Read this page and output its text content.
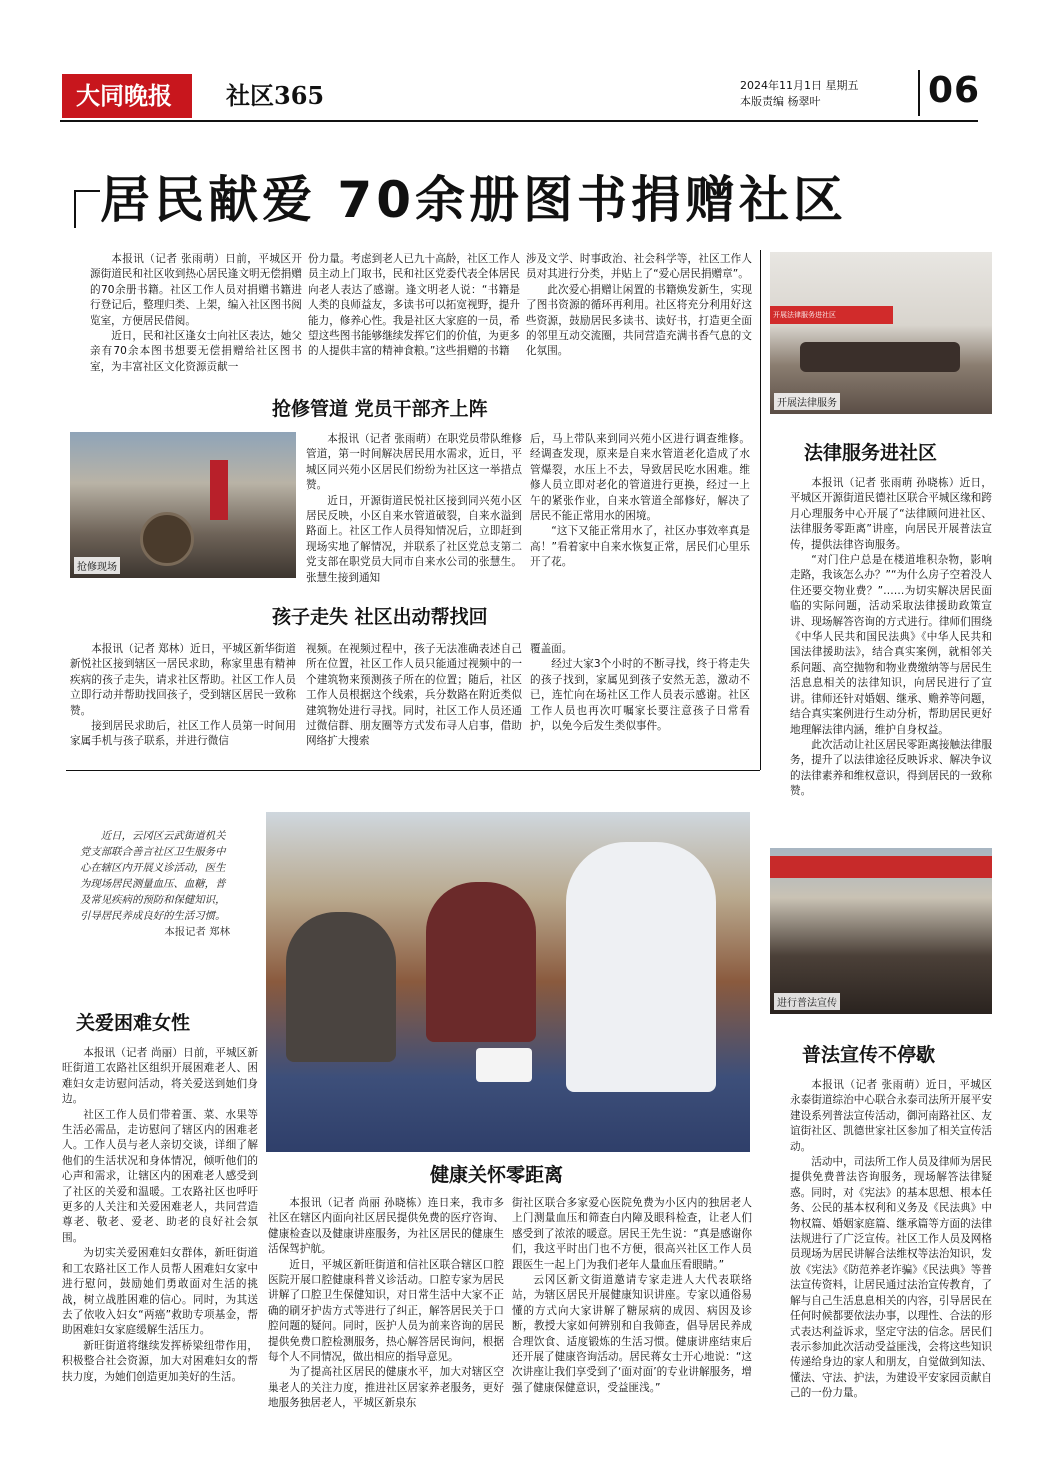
大同晚报	社区365	2024年11月1日 星期五
本版责编 杨翠叶	06
居民献爱 70余册图书捐赠社区

本报讯（记者 张雨萌）日前，平城区开源街道民和社区收到热心居民逢文明无偿捐赠的70余册书籍。社区工作人员对捐赠书籍进行登记后，整理归类、上架，编入社区图书阅览室，方便居民借阅。

近日，民和社区逢女士向社区表达，她父亲有70余本图书想要无偿捐赠给社区图书室，为丰富社区文化资源贡献一

份力量。考虑到老人已九十高龄，社区工作人员主动上门取书，民和社区党委代表全体居民向老人表达了感谢。逢文明老人说：“书籍是人类的良师益友，多读书可以拓宽视野，提升能力，修养心性。我是社区大家庭的一员，希望这些图书能够继续发挥它们的价值，为更多的人提供丰富的精神食粮。”这些捐赠的书籍

涉及文学、时事政治、社会科学等，社区工作人员对其进行分类，并贴上了“爱心居民捐赠章”。

此次爱心捐赠让闲置的书籍焕发新生，实现了图书资源的循环再利用。社区将充分利用好这些资源，鼓励居民多读书、读好书，打造更全面的邻里互动交流圈，共同营造充满书香气息的文化氛围。

开展法律服务进社区
开展法律服务
抢修管道 党员干部齐上阵
抢修现场

本报讯（记者 张雨萌）在职党员带队维修管道，第一时间解决居民用水需求，近日，平城区同兴苑小区居民们纷纷为社区这一举措点赞。

近日，开源街道民悦社区接到同兴苑小区居民反映，小区自来水管道破裂，自来水溢到路面上。社区工作人员得知情况后，立即赶到现场实地了解情况，并联系了社区党总支第二党支部在职党员大同市自来水公司的张慧生。张慧生接到通知

后，马上带队来到同兴苑小区进行调查维修。经调查发现，原来是自来水管道老化造成了水管爆裂，水压上不去，导致居民吃水困难。维修人员立即对老化的管道进行更换，经过一上午的紧张作业，自来水管道全部修好，解决了居民不能正常用水的困境。

“这下又能正常用水了，社区办事效率真是高！”看着家中自来水恢复正常，居民们心里乐开了花。

孩子走失 社区出动帮找回

本报讯（记者 郑林）近日，平城区新华街道新悦社区接到辖区一居民求助，称家里患有精神疾病的孩子走失，请求社区帮助。社区工作人员立即行动并帮助找回孩子，受到辖区居民一致称赞。

接到居民求助后，社区工作人员第一时间用家属手机与孩子联系，并进行微信

视频。在视频过程中，孩子无法准确表述自己所在位置，社区工作人员只能通过视频中的一个建筑物来预测孩子所在的位置；随后，社区工作人员根据这个线索，兵分数路在附近类似建筑物处进行寻找。同时，社区工作人员还通过微信群、朋友圈等方式发布寻人启事，借助网络扩大搜索

覆盖面。

经过大家3个小时的不断寻找，终于将走失的孩子找到，家属见到孩子安然无恙，激动不已，连忙向在场社区工作人员表示感谢。社区工作人员也再次叮嘱家长要注意孩子日常看护，以免今后发生类似事件。

法律服务进社区

本报讯（记者 张雨萌 孙晓栋）近日，平城区开源街道民德社区联合平城区缘和跨月心理服务中心开展了“法律顾问进社区、法律服务零距离”讲座，向居民开展普法宣传，提供法律咨询服务。

“对门住户总是在楼道堆积杂物，影响走路，我该怎么办？”“为什么房子空着没人住还要交物业费？”……为切实解决居民面临的实际问题，活动采取法律援助政策宣讲、现场解答咨询的方式进行。律师们围绕《中华人民共和国民法典》《中华人民共和国法律援助法》，结合真实案例，就相邻关系问题、高空抛物和物业费缴纳等与居民生活息息相关的法律知识，向居民进行了宣讲。律师还针对婚姻、继承、赡养等问题，结合真实案例进行生动分析，帮助居民更好地理解法律内涵，维护自身权益。

此次活动让社区居民零距离接触法律服务，提升了以法律途径反映诉求、解决争议的法律素养和维权意识，得到居民的一致称赞。

进行普法宣传
普法宣传不停歇

本报讯（记者 张雨萌）近日，平城区永泰街道综治中心联合永泰司法所开展平安建设系列普法宣传活动，御河南路社区、友谊街社区、凯德世家社区参加了相关宣传活动。

活动中，司法所工作人员及律师为居民提供免费普法咨询服务，现场解答法律疑惑。同时，对《宪法》的基本思想、根本任务、公民的基本权利和义务及《民法典》中物权篇、婚姻家庭篇、继承篇等方面的法律法规进行了广泛宣传。社区工作人员及网格员现场为居民讲解合法维权等法治知识，发放《宪法》《防范养老诈骗》《民法典》等普法宣传资料，让居民通过法治宣传教育，了解与自己生活息息相关的内容，引导居民在任何时候都要依法办事，以理性、合法的形式表达利益诉求，坚定守法的信念。居民们表示参加此次活动受益匪浅，会将这些知识传递给身边的家人和朋友，自觉做到知法、懂法、守法、护法，为建设平安家园贡献自己的一份力量。

近日，云冈区云武街道机关党支部联合善言社区卫生服务中心在辖区内开展义诊活动，医生为现场居民测量血压、血糖，普及常见疾病的预防和保健知识，引导居民养成良好的生活习惯。

本报记者 郑林
关爱困难女性

本报讯（记者 尚丽）日前，平城区新旺街道工农路社区组织开展困难老人、困难妇女走访慰问活动，将关爱送到她们身边。

社区工作人员们带着蛋、菜、水果等生活必需品，走访慰问了辖区内的困难老人。工作人员与老人亲切交谈，详细了解他们的生活状况和身体情况，倾听他们的心声和需求，让辖区内的困难老人感受到了社区的关爱和温暖。工农路社区也呼吁更多的人关注和关爱困难老人，共同营造尊老、敬老、爱老、助老的良好社会氛围。

为切实关爱困难妇女群体，新旺街道和工农路社区工作人员帮人困难妇女家中进行慰问，鼓励她们勇敢面对生活的挑战，树立战胜困难的信心。同时，为其送去了依收入妇女“两癌”救助专项基金，帮助困难妇女家庭缓解生活压力。

新旺街道将继续发挥桥梁纽带作用，积极整合社会资源，加大对困难妇女的帮扶力度，为她们创造更加美好的生活。

健康关怀零距离

本报讯（记者 尚丽 孙晓栋）连日来，我市多社区在辖区内面向社区居民提供免费的医疗咨询、健康检查以及健康讲座服务，为社区居民的健康生活保驾护航。

近日，平城区新旺街道和信社区联合辖区口腔医院开展口腔健康科普义诊活动。口腔专家为居民讲解了口腔卫生保健知识，对日常生活中大家不正确的刷牙护齿方式等进行了纠正，解答居民关于口腔问题的疑问。同时，医护人员为前来咨询的居民提供免费口腔检测服务，热心解答居民询问，根据每个人不同情况，做出相应的指导意见。

为了提高社区居民的健康水平，加大对辖区空巢老人的关注力度，推进社区居家养老服务，更好地服务独居老人，平城区新泉东

街社区联合多家爱心医院免费为小区内的独居老人上门测量血压和筛查白内障及眼科检查，让老人们感受到了浓浓的暖意。居民王先生说：“真是感谢你们，我这平时出门也不方便，很高兴社区工作人员跟医生一起上门为我们老年人量血压看眼睛。”

云冈区新文街道邀请专家走进人大代表联络站，为辖区居民开展健康知识讲座。专家以通俗易懂的方式向大家讲解了糖尿病的成因、病因及诊断，教授大家如何辨别和自我筛查，倡导居民养成合理饮食、适度锻炼的生活习惯。健康讲座结束后还开展了健康咨询活动。居民蒋女士开心地说：“这次讲座让我们享受到了‘面对面’的专业讲解服务，增强了健康保健意识，受益匪浅。”
